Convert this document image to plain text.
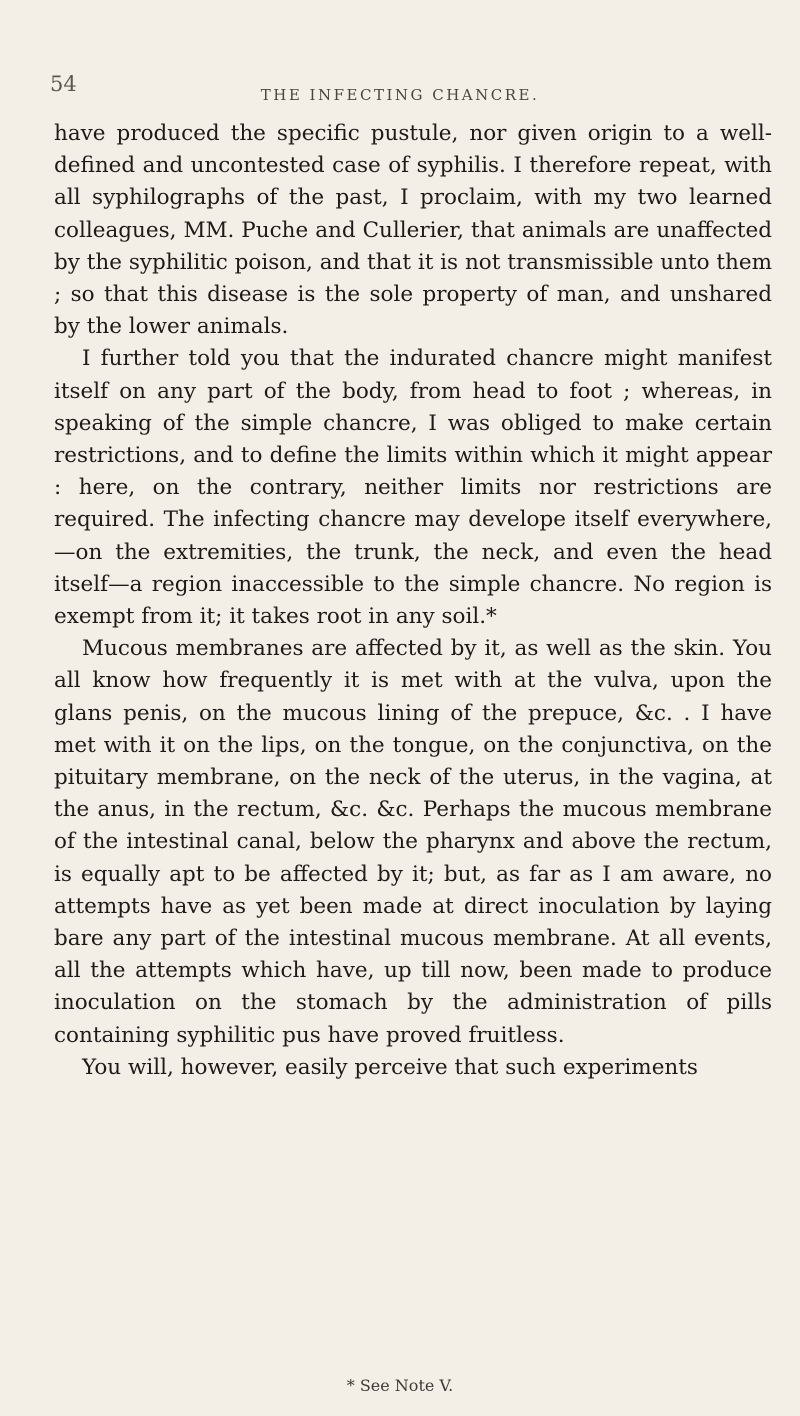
54	THE INFECTING CHANCRE.

have produced the specific pustule, nor given origin to a well-defined and uncontested case of syphilis. I therefore repeat, with all syphilographs of the past, I proclaim, with my two learned colleagues, MM. Puche and Cullerier, that animals are unaffected by the syphilitic poison, and that it is not transmissible unto them ; so that this disease is the sole property of man, and unshared by the lower animals.

I further told you that the indurated chancre might manifest itself on any part of the body, from head to foot ; whereas, in speaking of the simple chancre, I was obliged to make certain restrictions, and to define the limits within which it might appear : here, on the contrary, neither limits nor restrictions are required. The infecting chancre may develope itself everywhere,—on the extremities, the trunk, the neck, and even the head itself—a region inaccessible to the simple chancre. No region is exempt from it; it takes root in any soil.*

Mucous membranes are affected by it, as well as the skin. You all know how frequently it is met with at the vulva, upon the glans penis, on the mucous lining of the prepuce, &c. . I have met with it on the lips, on the tongue, on the conjunctiva, on the pituitary membrane, on the neck of the uterus, in the vagina, at the anus, in the rectum, &c. &c. Perhaps the mucous membrane of the intestinal canal, below the pharynx and above the rectum, is equally apt to be affected by it; but, as far as I am aware, no attempts have as yet been made at direct inoculation by laying bare any part of the intestinal mucous membrane. At all events, all the attempts which have, up till now, been made to produce inoculation on the stomach by the administration of pills containing syphilitic pus have proved fruitless.

You will, however, easily perceive that such experiments

* See Note V.
